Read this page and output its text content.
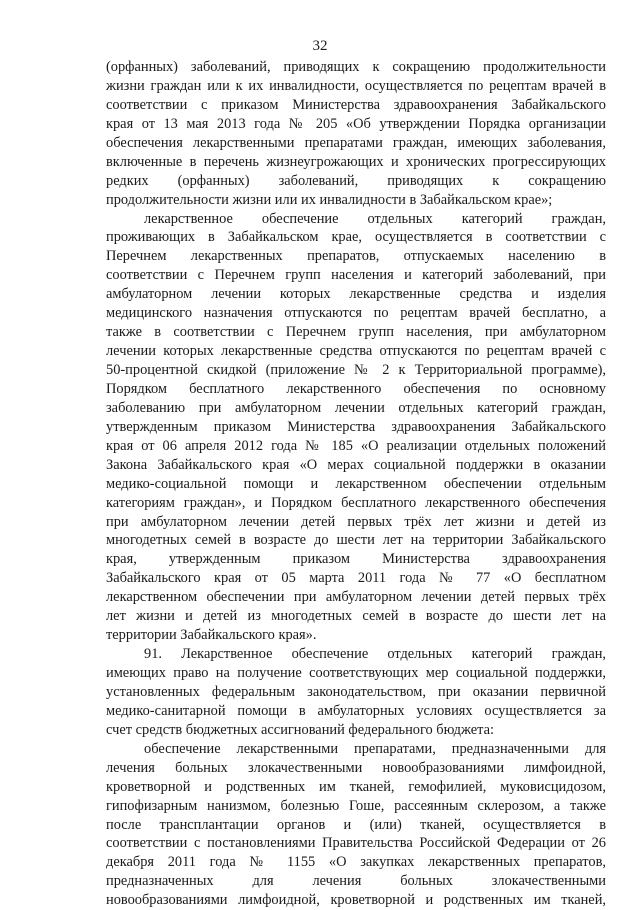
32
(орфанных) заболеваний, приводящих к сокращению продолжительности
жизни граждан или к их инвалидности, осуществляется по рецептам врачей в
соответствии с приказом Министерства здравоохранения Забайкальского
края от 13 мая 2013 года № 205 «Об утверждении Порядка организации
обеспечения лекарственными препаратами граждан, имеющих заболевания,
включенные в перечень жизнеугрожающих и хронических прогрессирующих
редких (орфанных) заболеваний, приводящих к сокращению
продолжительности жизни или их инвалидности в Забайкальском крае»;
лекарственное обеспечение отдельных категорий граждан,
проживающих в Забайкальском крае, осуществляется в соответствии с
Перечнем лекарственных препаратов, отпускаемых населению в
соответствии с Перечнем групп населения и категорий заболеваний, при
амбулаторном лечении которых лекарственные средства и изделия
медицинского назначения отпускаются по рецептам врачей бесплатно, а
также в соответствии с Перечнем групп населения, при амбулаторном
лечении которых лекарственные средства отпускаются по рецептам врачей с
50-процентной скидкой (приложение № 2 к Территориальной программе),
Порядком бесплатного лекарственного обеспечения по основному
заболеванию при амбулаторном лечении отдельных категорий граждан,
утвержденным приказом Министерства здравоохранения Забайкальского
края от 06 апреля 2012 года № 185 «О реализации отдельных положений
Закона Забайкальского края «О мерах социальной поддержки в оказании
медико-социальной помощи и лекарственном обеспечении отдельным
категориям граждан», и Порядком бесплатного лекарственного обеспечения
при амбулаторном лечении детей первых трёх лет жизни и детей из
многодетных семей в возрасте до шести лет на территории Забайкальского
края, утвержденным приказом Министерства здравоохранения
Забайкальского края от 05 марта 2011 года № 77 «О бесплатном
лекарственном обеспечении при амбулаторном лечении детей первых трёх
лет жизни и детей из многодетных семей в возрасте до шести лет на
территории Забайкальского края».
91. Лекарственное обеспечение отдельных категорий граждан,
имеющих право на получение соответствующих мер социальной поддержки,
установленных федеральным законодательством, при оказании первичной
медико-санитарной помощи в амбулаторных условиях осуществляется за
счет средств бюджетных ассигнований федерального бюджета:
обеспечение лекарственными препаратами, предназначенными для
лечения больных злокачественными новообразованиями лимфоидной,
кроветворной и родственных им тканей, гемофилией, муковисцидозом,
гипофизарным нанизмом, болезнью Гоше, рассеянным склерозом, а также
после трансплантации органов и (или) тканей, осуществляется в
соответствии с постановлениями Правительства Российской Федерации от 26
декабря 2011 года № 1155 «О закупках лекарственных препаратов,
предназначенных для лечения больных злокачественными
новообразованиями лимфоидной, кроветворной и родственных им тканей,
